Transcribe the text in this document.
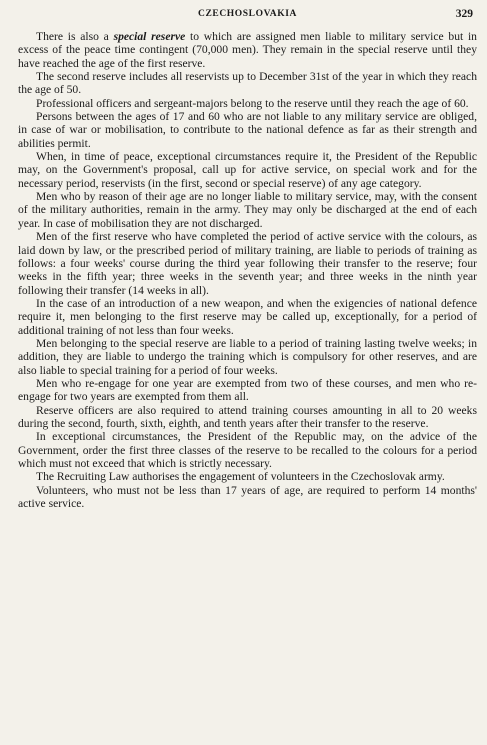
CZECHOSLOVAKIA	329

There is also a special reserve to which are assigned men liable to military service but in excess of the peace time contingent (70,000 men). They remain in the special reserve until they have reached the age of the first reserve.

The second reserve includes all reservists up to December 31st of the year in which they reach the age of 50.

Professional officers and sergeant-majors belong to the reserve until they reach the age of 60.

Persons between the ages of 17 and 60 who are not liable to any military service are obliged, in case of war or mobilisation, to contribute to the national defence as far as their strength and abilities permit.

When, in time of peace, exceptional circumstances require it, the President of the Republic may, on the Government's proposal, call up for active service, on special work and for the necessary period, reservists (in the first, second or special reserve) of any age category.

Men who by reason of their age are no longer liable to military service, may, with the consent of the military authorities, remain in the army. They may only be discharged at the end of each year. In case of mobilisation they are not discharged.

Men of the first reserve who have completed the period of active service with the colours, as laid down by law, or the prescribed period of military training, are liable to periods of training as follows: a four weeks' course during the third year following their transfer to the reserve; four weeks in the fifth year; three weeks in the seventh year; and three weeks in the ninth year following their transfer (14 weeks in all).

In the case of an introduction of a new weapon, and when the exigencies of national defence require it, men belonging to the first reserve may be called up, exceptionally, for a period of additional training of not less than four weeks.

Men belonging to the special reserve are liable to a period of training lasting twelve weeks; in addition, they are liable to undergo the training which is compulsory for other reserves, and are also liable to special training for a period of four weeks.

Men who re-engage for one year are exempted from two of these courses, and men who re-engage for two years are exempted from them all.

Reserve officers are also required to attend training courses amounting in all to 20 weeks during the second, fourth, sixth, eighth, and tenth years after their transfer to the reserve.

In exceptional circumstances, the President of the Republic may, on the advice of the Government, order the first three classes of the reserve to be recalled to the colours for a period which must not exceed that which is strictly necessary.

The Recruiting Law authorises the engagement of volunteers in the Czechoslovak army.

Volunteers, who must not be less than 17 years of age, are required to perform 14 months' active service.
